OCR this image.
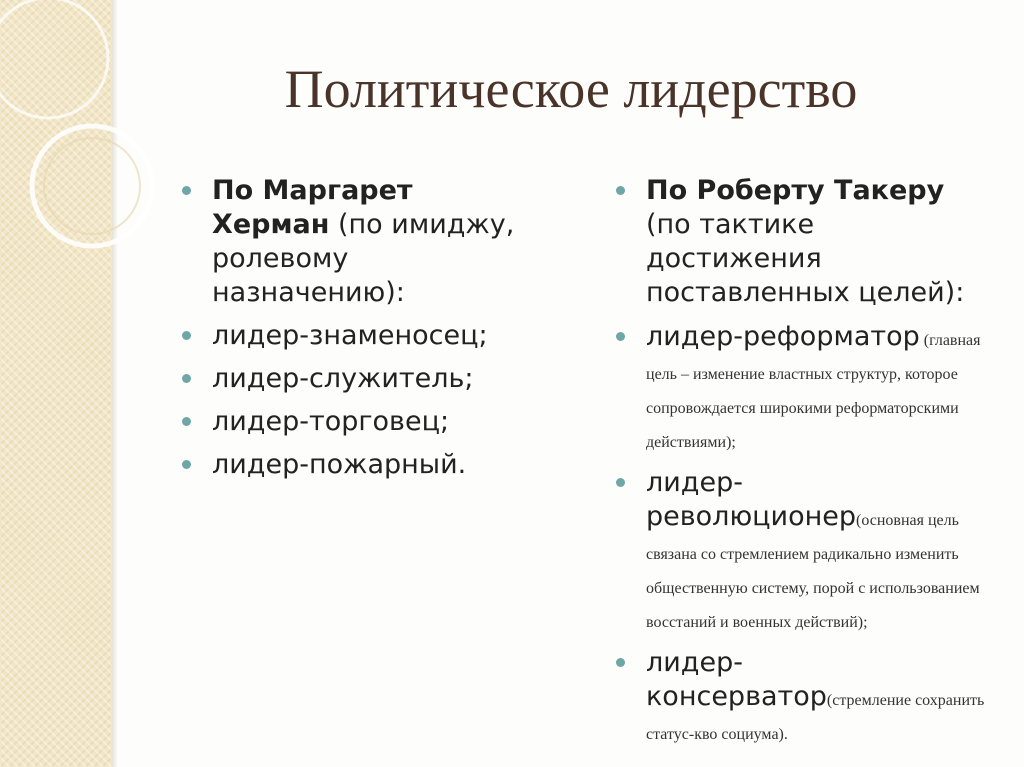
Политическое лидерство
По Маргарет Херман (по имиджу, ролевому назначению):
лидер-знаменосец;
лидер-служитель;
лидер-торговец;
лидер-пожарный.
По Роберту Такеру (по тактике достижения поставленных целей):
лидер-реформатор (главная цель – изменение властных структур, которое сопровождается широкими реформаторскими действиями);
лидер-революционер(основная цель связана со стремлением радикально изменить общественную систему, порой с использованием восстаний и военных действий);
лидер-консерватор(стремление сохранить статус-кво социума).
